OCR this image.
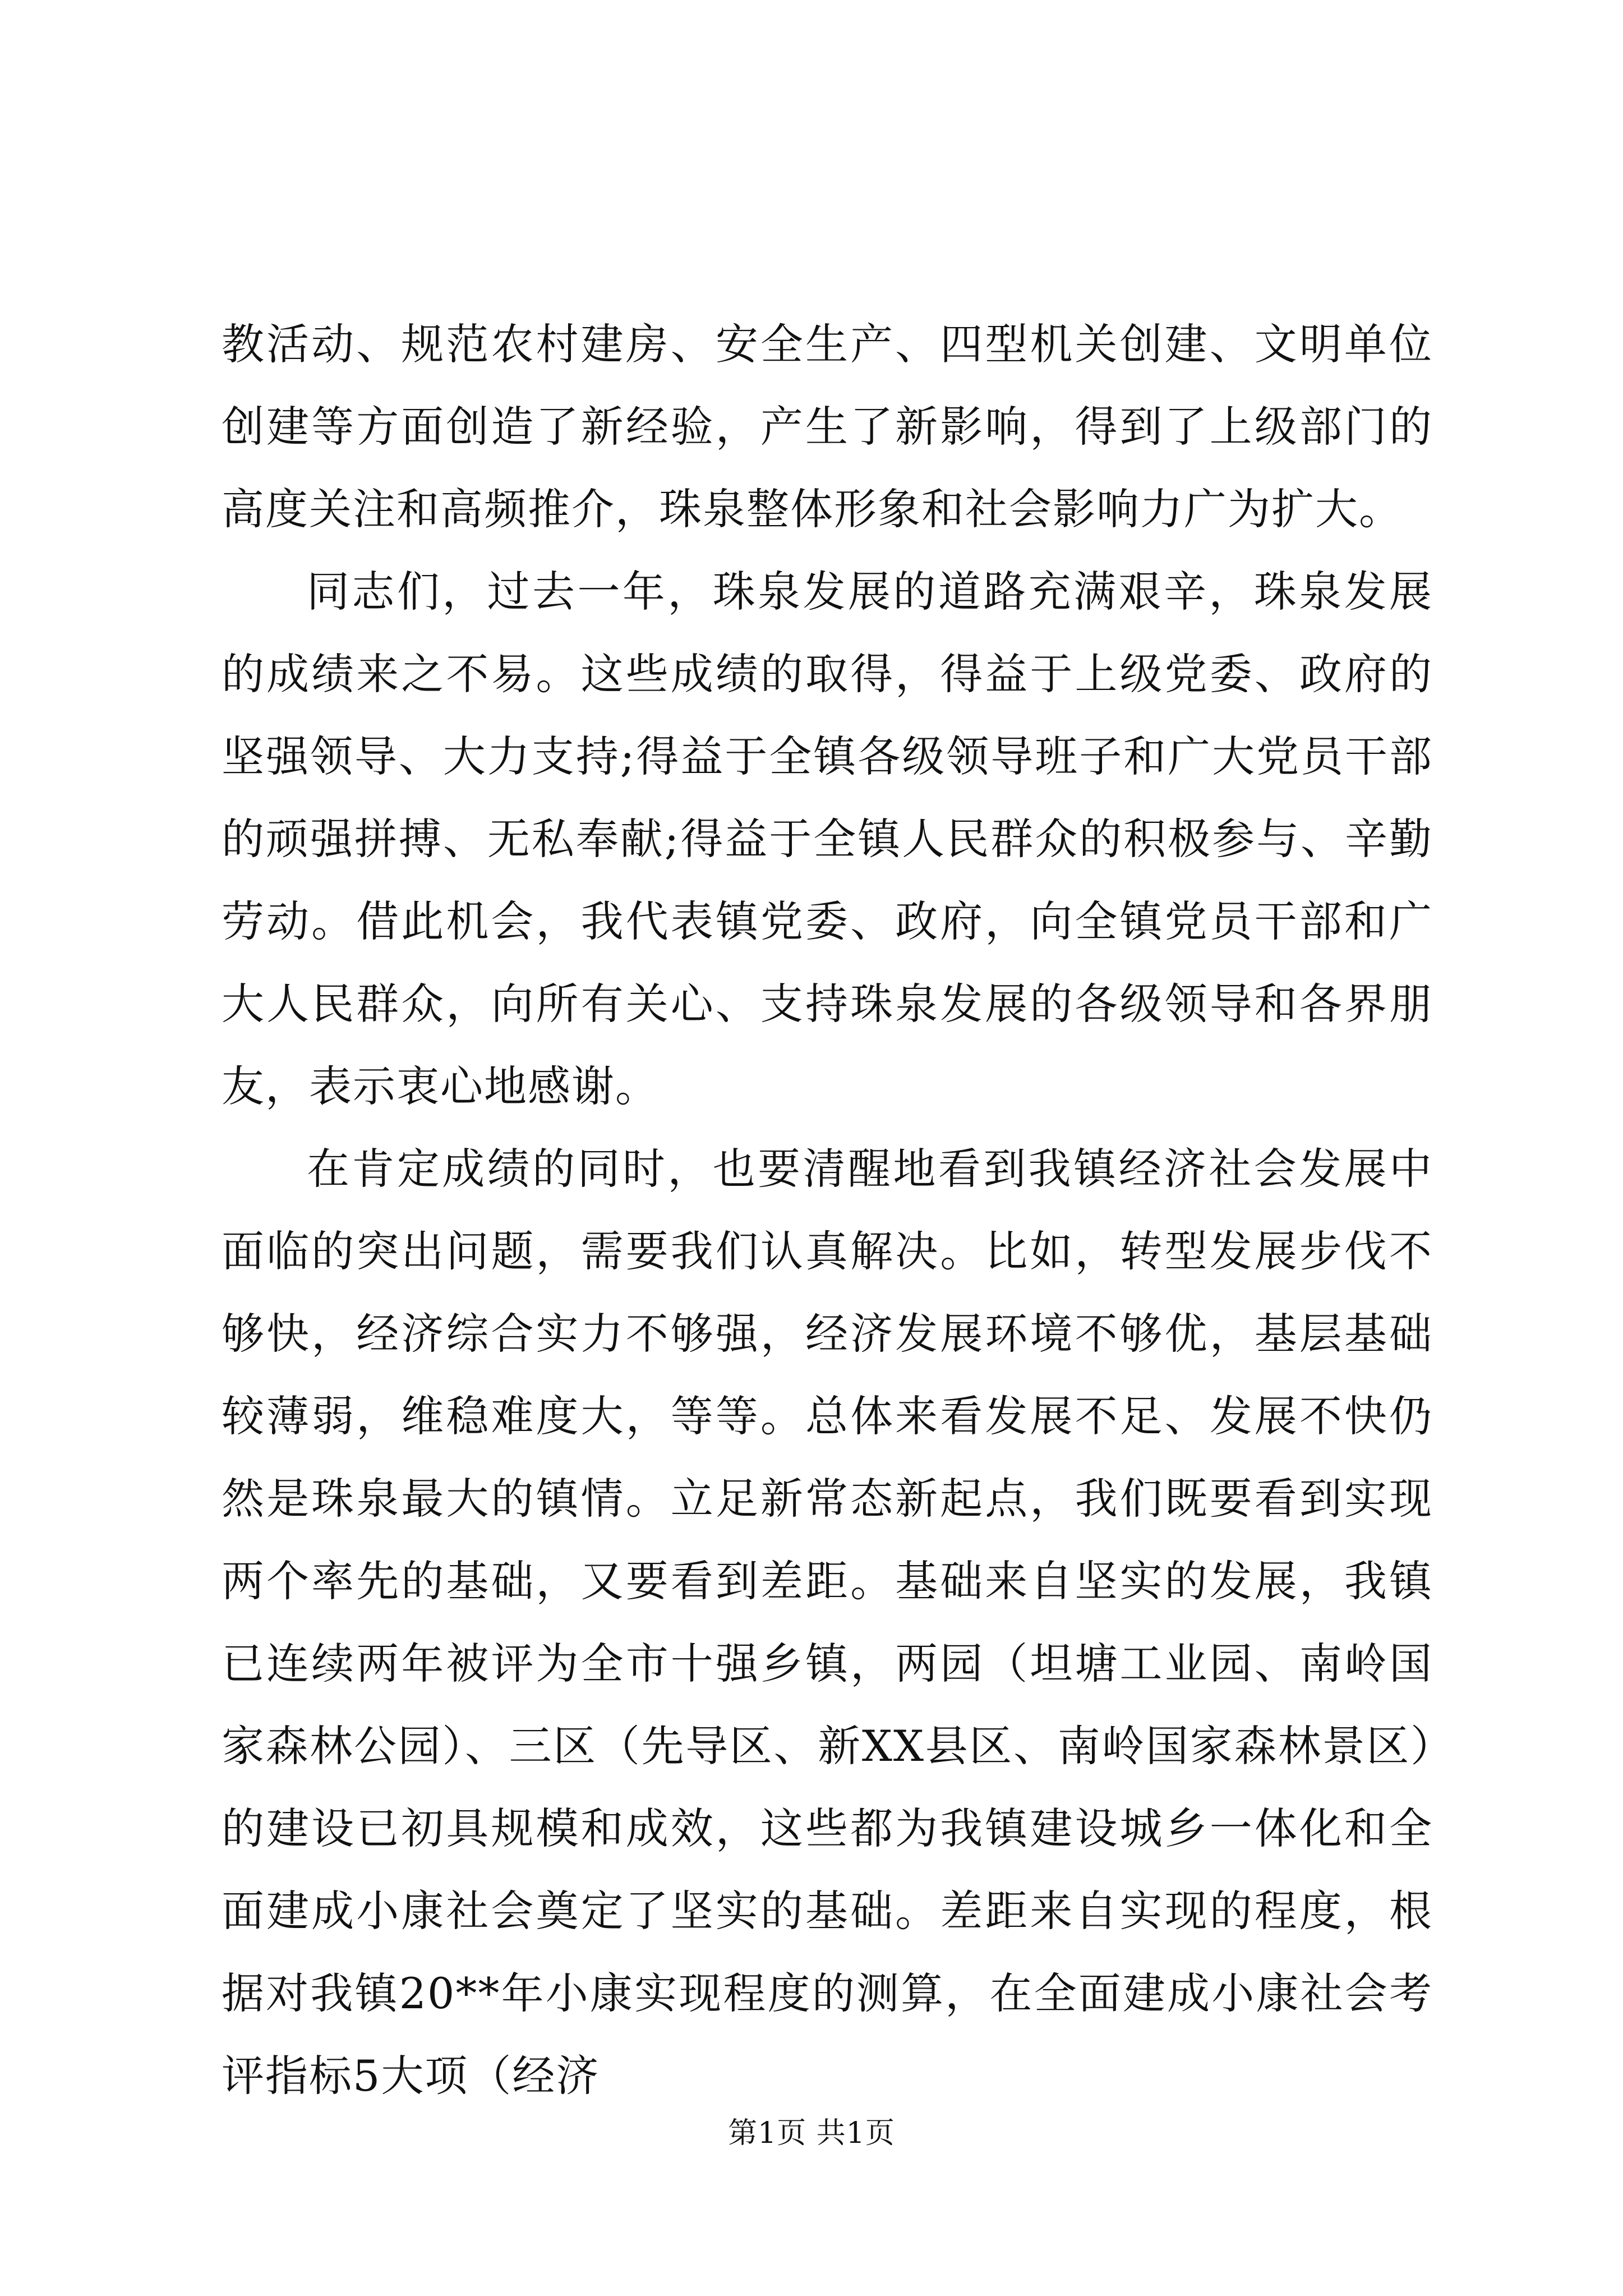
教活动、规范农村建房、安全生产、四型机关创建、文明单位创建等方面创造了新经验，产生了新影响，得到了上级部门的高度关注和高频推介，珠泉整体形象和社会影响力广为扩大。

同志们，过去一年，珠泉发展的道路充满艰辛，珠泉发展的成绩来之不易。这些成绩的取得，得益于上级党委、政府的坚强领导、大力支持;得益于全镇各级领导班子和广大党员干部的顽强拼搏、无私奉献;得益于全镇人民群众的积极参与、辛勤劳动。借此机会，我代表镇党委、政府，向全镇党员干部和广大人民群众，向所有关心、支持珠泉发展的各级领导和各界朋友，表示衷心地感谢。

在肯定成绩的同时，也要清醒地看到我镇经济社会发展中面临的突出问题，需要我们认真解决。比如，转型发展步伐不够快，经济综合实力不够强，经济发展环境不够优，基层基础较薄弱，维稳难度大，等等。总体来看发展不足、发展不快仍然是珠泉最大的镇情。立足新常态新起点，我们既要看到实现两个率先的基础，又要看到差距。基础来自坚实的发展，我镇已连续两年被评为全市十强乡镇，两园（坦塘工业园、南岭国家森林公园）、三区（先导区、新XX县区、南岭国家森林景区）的建设已初具规模和成效，这些都为我镇建设城乡一体化和全面建成小康社会奠定了坚实的基础。差距来自实现的程度，根据对我镇20**年小康实现程度的测算，在全面建成小康社会考评指标5大项（经济

第1页 共1页
